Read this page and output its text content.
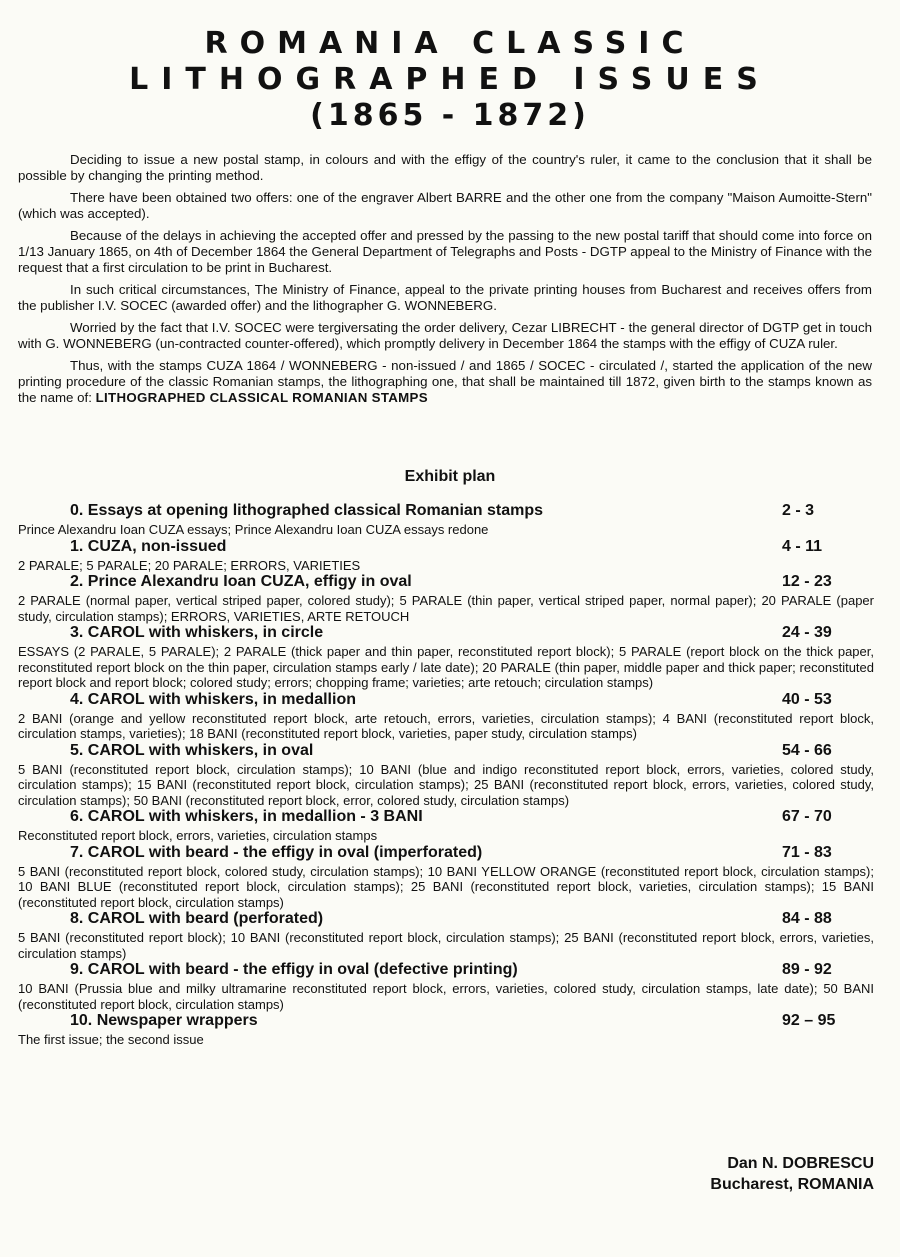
ROMANIA CLASSIC
LITHOGRAPHED ISSUES
(1865 - 1872)

Deciding to issue a new postal stamp, in colours and with the effigy of the country's ruler, it came to the conclusion that it shall be possible by changing the printing method.

There have been obtained two offers: one of the engraver Albert BARRE and the other one from the company "Maison Aumoitte-Stern" (which was accepted).

Because of the delays in achieving the accepted offer and pressed by the passing to the new postal tariff that should come into force on 1/13 January 1865, on 4th of December 1864 the General Department of Telegraphs and Posts - DGTP appeal to the Ministry of Finance with the request that a first circulation to be print in Bucharest.

In such critical circumstances, The Ministry of Finance, appeal to the private printing houses from Bucharest and receives offers from the publisher I.V. SOCEC (awarded offer) and the lithographer G. WONNEBERG.

Worried by the fact that I.V. SOCEC were tergiversating the order delivery, Cezar LIBRECHT - the general director of DGTP get in touch with G. WONNEBERG (un-contracted counter-offered), which promptly delivery in December 1864 the stamps with the effigy of CUZA ruler.

Thus, with the stamps CUZA 1864 / WONNEBERG - non-issued / and 1865 / SOCEC - circulated /, started the application of the new printing procedure of the classic Romanian stamps, the lithographing one, that shall be maintained till 1872, given birth to the stamps known as the name of: LITHOGRAPHED CLASSICAL ROMANIAN STAMPS

Exhibit plan
0. Essays at opening lithographed classical Romanian stamps	2 - 3
Prince Alexandru Ioan CUZA essays; Prince Alexandru Ioan CUZA essays redone
1. CUZA, non-issued	4 - 11
2 PARALE; 5 PARALE; 20 PARALE; ERRORS, VARIETIES
2. Prince Alexandru Ioan CUZA, effigy in oval	12 - 23
2 PARALE (normal paper, vertical striped paper, colored study); 5 PARALE (thin paper, vertical striped paper, normal paper); 20 PARALE (paper study, circulation stamps); ERRORS, VARIETIES, ARTE RETOUCH
3. CAROL with whiskers, in circle	24 - 39
ESSAYS (2 PARALE, 5 PARALE); 2 PARALE (thick paper and thin paper, reconstituted report block); 5 PARALE (report block on the thick paper, reconstituted report block on the thin paper, circulation stamps early / late date); 20 PARALE (thin paper, middle paper and thick paper; reconstituted report block and report block; colored study; errors; chopping frame; varieties; arte retouch; circulation stamps)
4. CAROL with whiskers, in medallion	40 - 53
2 BANI (orange and yellow reconstituted report block, arte retouch, errors, varieties, circulation stamps); 4 BANI (reconstituted report block, circulation stamps, varieties); 18 BANI (reconstituted report block, varieties, paper study, circulation stamps)
5. CAROL with whiskers, in oval	54 - 66
5 BANI (reconstituted report block, circulation stamps); 10 BANI (blue and indigo reconstituted report block, errors, varieties, colored study, circulation stamps); 15 BANI (reconstituted report block, circulation stamps); 25 BANI (reconstituted report block, errors, varieties, colored study, circulation stamps); 50 BANI (reconstituted report block, error, colored study, circulation stamps)
6. CAROL with whiskers, in medallion - 3 BANI	67 - 70
Reconstituted report block, errors, varieties, circulation stamps
7. CAROL with beard - the effigy in oval (imperforated)	71 - 83
5 BANI (reconstituted report block, colored study, circulation stamps); 10 BANI YELLOW ORANGE (reconstituted report block, circulation stamps); 10 BANI BLUE (reconstituted report block, circulation stamps); 25 BANI (reconstituted report block, varieties, circulation stamps); 15 BANI (reconstituted report block, circulation stamps)
8. CAROL with beard (perforated)	84 - 88
5 BANI (reconstituted report block); 10 BANI (reconstituted report block, circulation stamps); 25 BANI (reconstituted report block, errors, varieties, circulation stamps)
9. CAROL with beard - the effigy in oval (defective printing)	89 - 92
10 BANI (Prussia blue and milky ultramarine reconstituted report block, errors, varieties, colored study, circulation stamps, late date); 50 BANI (reconstituted report block, circulation stamps)
10. Newspaper wrappers	92 – 95
The first issue; the second issue
Dan N. DOBRESCU
Bucharest, ROMANIA
